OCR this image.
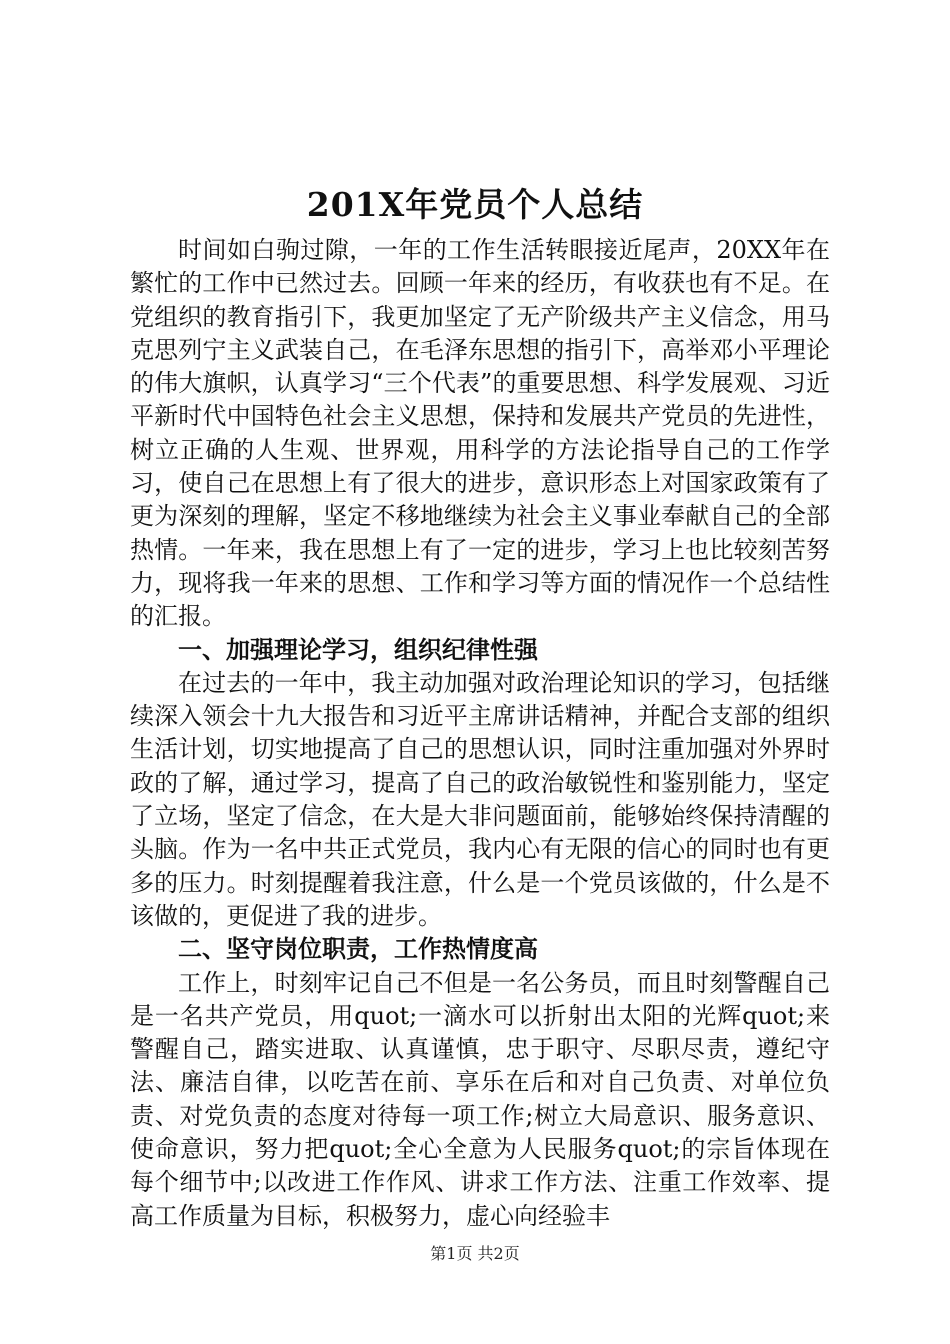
201X年党员个人总结

时间如白驹过隙，一年的工作生活转眼接近尾声，20XX年在繁忙的工作中已然过去。回顾一年来的经历，有收获也有不足。在党组织的教育指引下，我更加坚定了无产阶级共产主义信念，用马克思列宁主义武装自己，在毛泽东思想的指引下，高举邓小平理论的伟大旗帜，认真学习“三个代表”的重要思想、科学发展观、习近平新时代中国特色社会主义思想，保持和发展共产党员的先进性，树立正确的人生观、世界观，用科学的方法论指导自己的工作学习，使自己在思想上有了很大的进步，意识形态上对国家政策有了更为深刻的理解，坚定不移地继续为社会主义事业奉献自己的全部热情。一年来，我在思想上有了一定的进步，学习上也比较刻苦努力，现将我一年来的思想、工作和学习等方面的情况作一个总结性的汇报。

一、加强理论学习，组织纪律性强

在过去的一年中，我主动加强对政治理论知识的学习，包括继续深入领会十九大报告和习近平主席讲话精神，并配合支部的组织生活计划，切实地提高了自己的思想认识，同时注重加强对外界时政的了解，通过学习，提高了自己的政治敏锐性和鉴别能力，坚定了立场，坚定了信念，在大是大非问题面前，能够始终保持清醒的头脑。作为一名中共正式党员，我内心有无限的信心的同时也有更多的压力。时刻提醒着我注意，什么是一个党员该做的，什么是不该做的，更促进了我的进步。

二、坚守岗位职责，工作热情度高

工作上，时刻牢记自己不但是一名公务员，而且时刻警醒自己是一名共产党员，用quot;一滴水可以折射出太阳的光辉quot;来警醒自己，踏实进取、认真谨慎，忠于职守、尽职尽责，遵纪守法、廉洁自律，以吃苦在前、享乐在后和对自己负责、对单位负责、对党负责的态度对待每一项工作;树立大局意识、服务意识、使命意识，努力把quot;全心全意为人民服务quot;的宗旨体现在每个细节中;以改进工作作风、讲求工作方法、注重工作效率、提高工作质量为目标，积极努力，虚心向经验丰

第1页 共2页
